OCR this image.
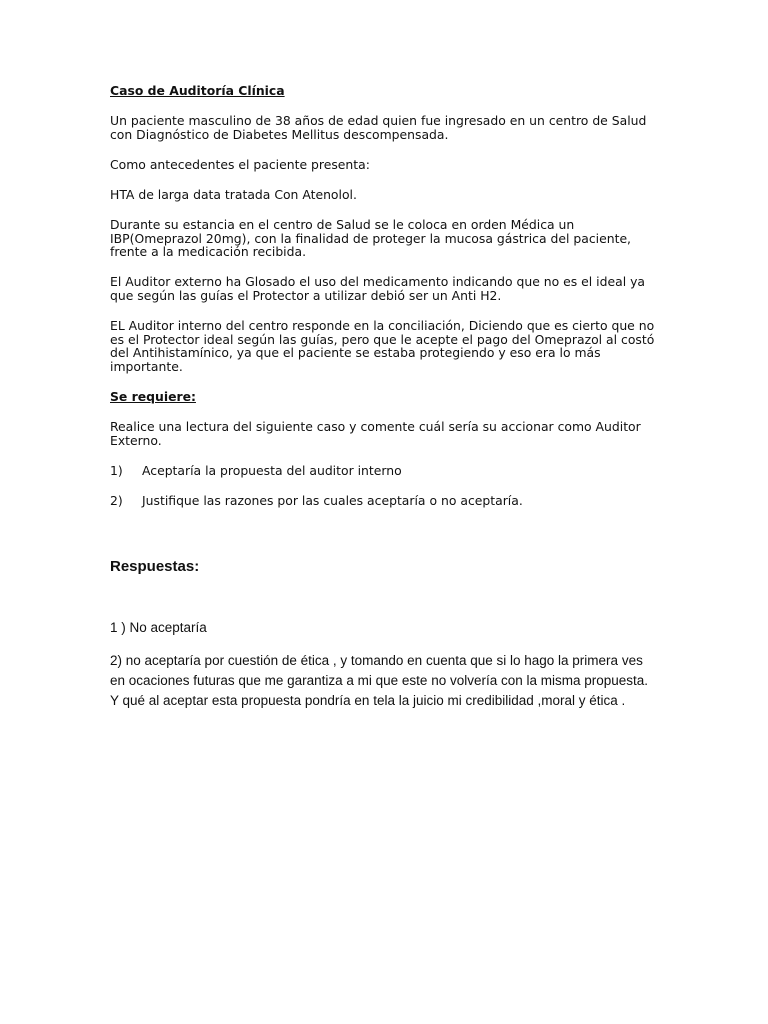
Caso de Auditoría Clínica

Un paciente masculino de 38 años de edad quien fue ingresado en un centro de Salud con Diagnóstico de Diabetes Mellitus descompensada.

Como antecedentes el paciente presenta:

HTA de larga data tratada Con Atenolol.

Durante su estancia en el centro de Salud se le coloca en orden Médica un IBP(Omeprazol 20mg), con la finalidad de proteger la mucosa gástrica del paciente, frente a la medicación recibida.

El Auditor externo ha Glosado el uso del medicamento indicando que no es el ideal ya que según las guías el Protector a utilizar debió ser un Anti H2.

EL Auditor interno del centro responde en la conciliación, Diciendo que es cierto que no es el Protector ideal según las guías, pero que le acepte el pago del Omeprazol al costó del Antihistamínico, ya que el paciente se estaba protegiendo y eso era lo más importante.

Se requiere:

Realice una lectura del siguiente caso y comente cuál sería su accionar como Auditor Externo.

1)	Aceptaría la propuesta del auditor interno
2)	Justifique las razones por las cuales aceptaría o no aceptaría.

Respuestas:

1 ) No aceptaría
2) no aceptaría por cuestión de ética , y tomando en cuenta que si lo hago la primera ves en ocaciones futuras que me garantiza a mi que este no volvería con la misma propuesta. Y qué al aceptar esta propuesta pondría en tela la juicio mi credibilidad ,moral y ética .
